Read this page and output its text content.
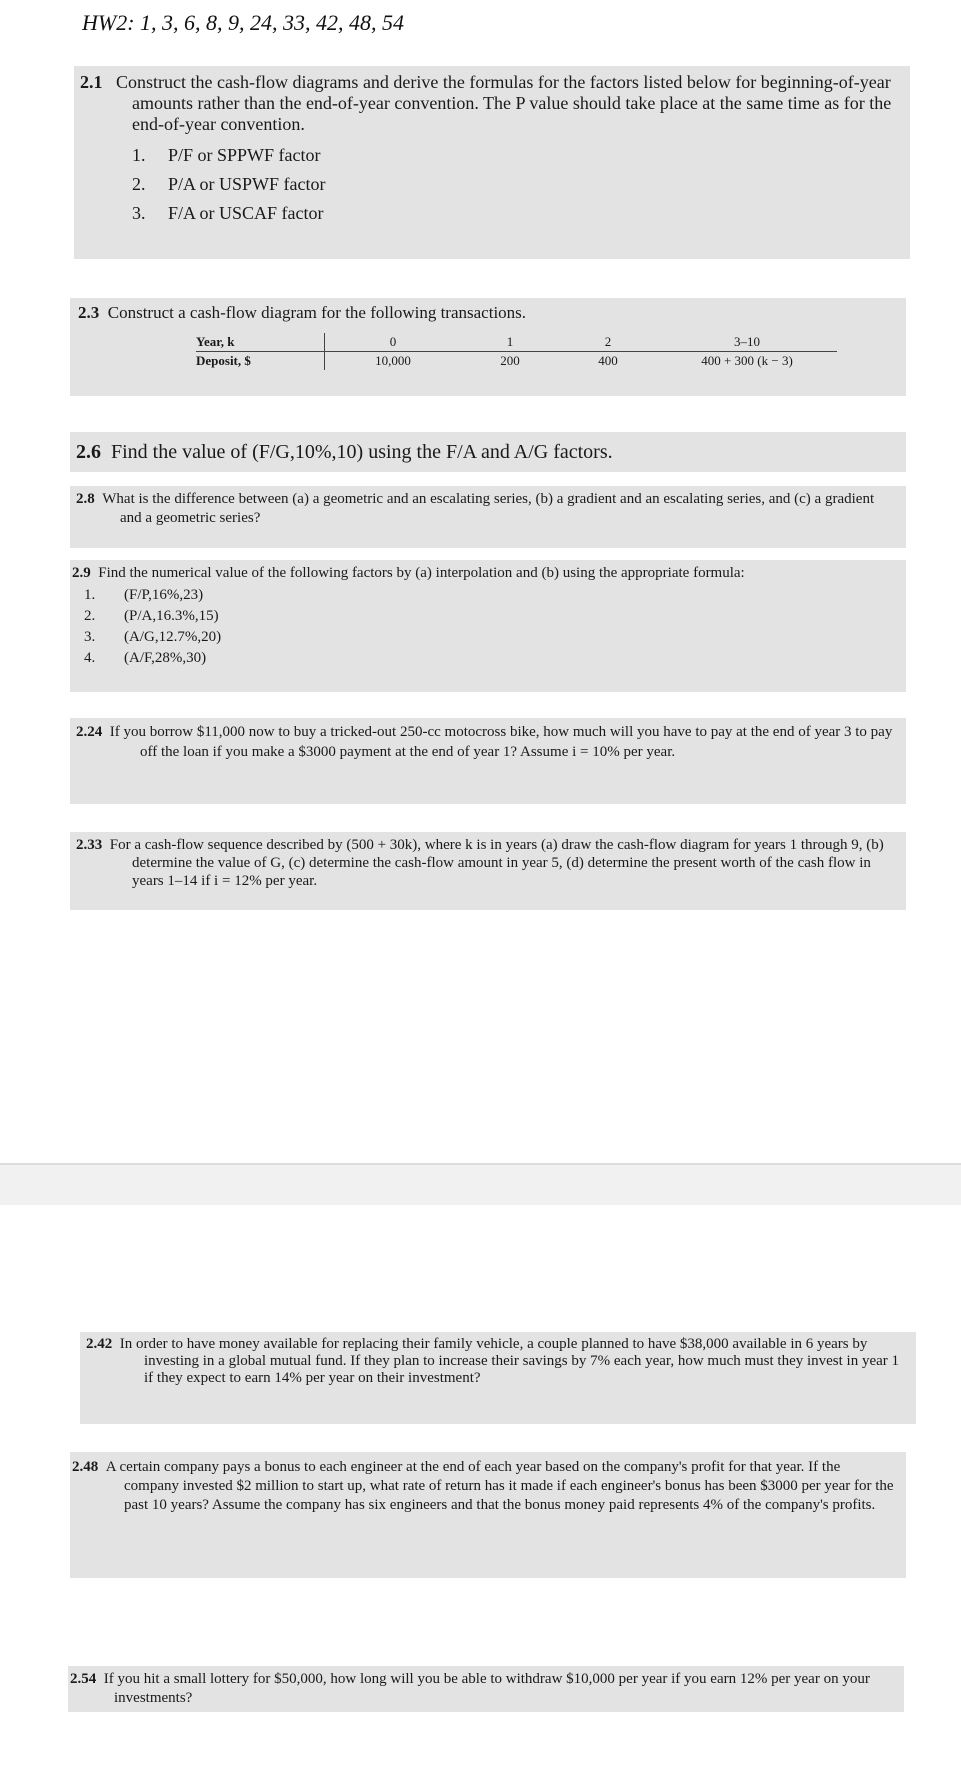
HW2: 1, 3, 6, 8, 9, 24, 33, 42, 48, 54

2.1 Construct the cash-flow diagrams and derive the formulas for the factors listed below for beginning-of-year amounts rather than the end-of-year convention. The P value should take place at the same time as for the end-of-year convention.

1. P/F or SPPWF factor
2. P/A or USPWF factor
3. F/A or USCAF factor

2.3 Construct a cash-flow diagram for the following transactions.

Year, k	0	1	2	3–10
Deposit, $	10,000	200	400	400 + 300 (k − 3)

2.6 Find the value of (F/G,10%,10) using the F/A and A/G factors.

2.8 What is the difference between (a) a geometric and an escalating series, (b) a gradient and an escalating series, and (c) a gradient and a geometric series?

2.9 Find the numerical value of the following factors by (a) interpolation and (b) using the appropriate formula:

1. (F/P,16%,23)
2. (P/A,16.3%,15)
3. (A/G,12.7%,20)
4. (A/F,28%,30)

2.24 If you borrow $11,000 now to buy a tricked-out 250-cc motocross bike, how much will you have to pay at the end of year 3 to pay off the loan if you make a $3000 payment at the end of year 1? Assume i = 10% per year.

2.33 For a cash-flow sequence described by (500 + 30k), where k is in years (a) draw the cash-flow diagram for years 1 through 9, (b) determine the value of G, (c) determine the cash-flow amount in year 5, (d) determine the present worth of the cash flow in years 1–14 if i = 12% per year.

2.42 In order to have money available for replacing their family vehicle, a couple planned to have $38,000 available in 6 years by investing in a global mutual fund. If they plan to increase their savings by 7% each year, how much must they invest in year 1 if they expect to earn 14% per year on their investment?

2.48 A certain company pays a bonus to each engineer at the end of each year based on the company's profit for that year. If the company invested $2 million to start up, what rate of return has it made if each engineer's bonus has been $3000 per year for the past 10 years? Assume the company has six engineers and that the bonus money paid represents 4% of the company's profits.

2.54 If you hit a small lottery for $50,000, how long will you be able to withdraw $10,000 per year if you earn 12% per year on your investments?
